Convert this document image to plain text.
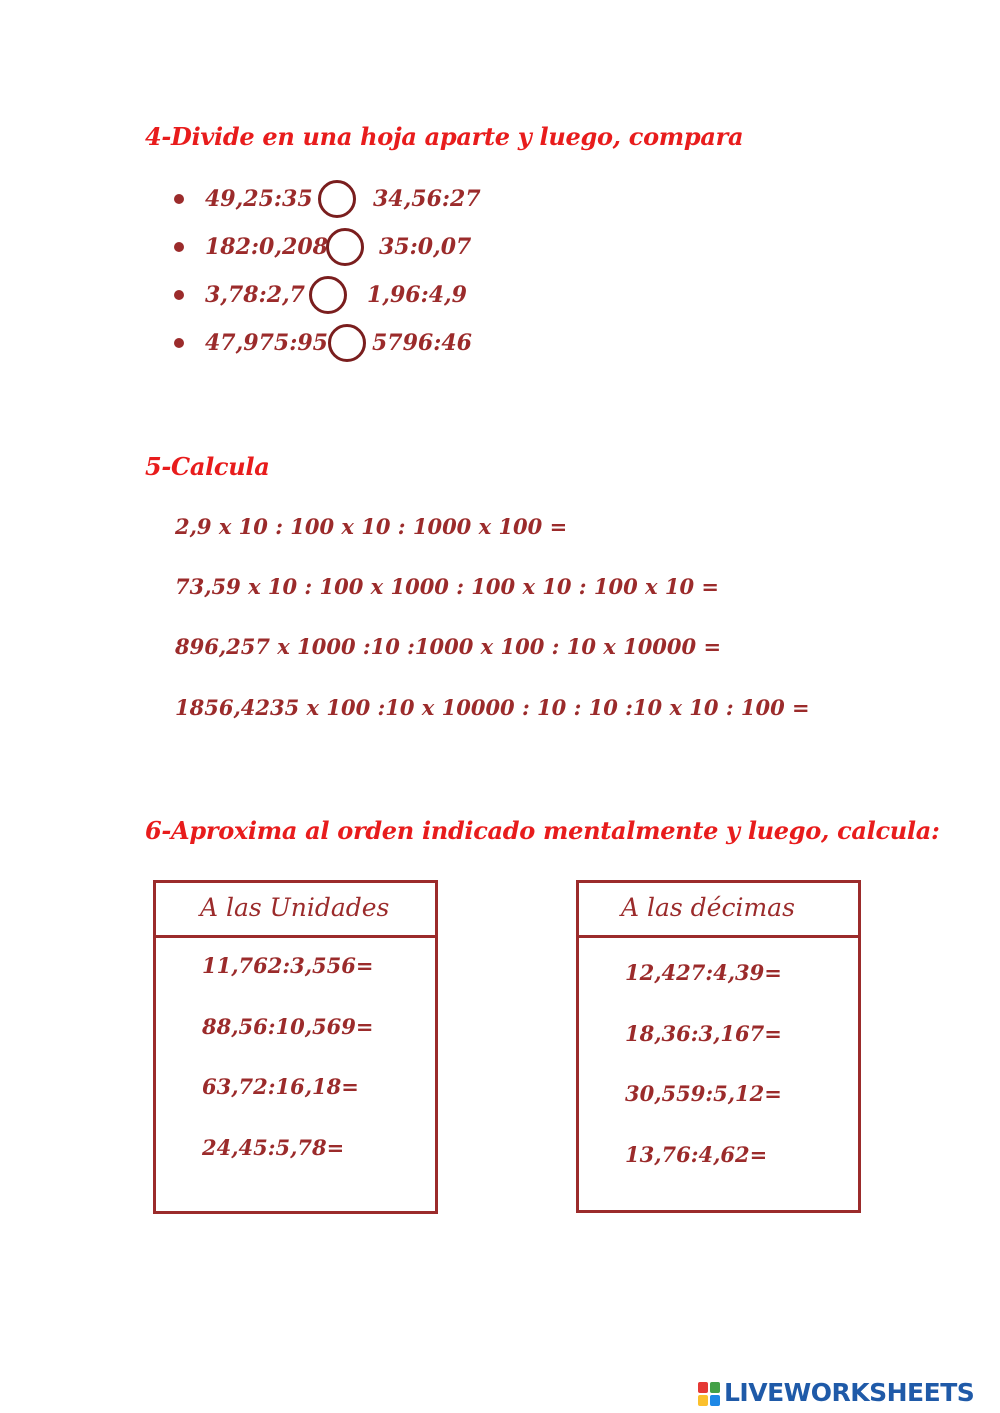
4-Divide en una hoja aparte y luego, compara
49,25:35	34,56:27
182:0,208 35:0,07
3,78:2,7	1,96:4,9
47,975:95 5796:46
5-Calcula
2,9 x 10 : 100 x 10 : 1000 x 100 =
73,59 x 10 : 100 x 1000 : 100 x 10 : 100 x 10 =
896,257 x 1000 :10 :1000 x 100 : 10 x 10000 =
1856,4235 x 100 :10 x 10000 : 10 : 10 :10 x 10 : 100 =
6-Aproxima al orden indicado mentalmente y luego, calcula:
A las Unidades
11,762:3,556=
88,56:10,569=
63,72:16,18=
24,45:5,78=
A las décimas
12,427:4,39=
18,36:3,167=
30,559:5,12=
13,76:4,62=
LIVEWORKSHEETS
